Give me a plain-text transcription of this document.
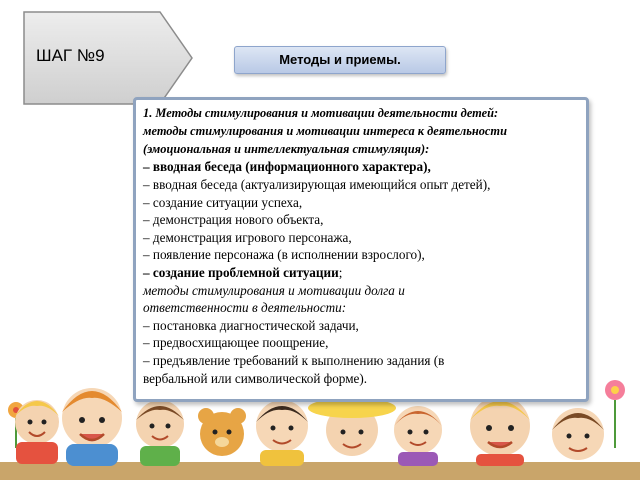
ШАГ №9	Методы и приемы.
1. Методы стимулирования и мотивации деятельности детей:
методы стимулирования и мотивации интереса к деятельности
(эмоциональная и интеллектуальная стимуляция):
– вводная беседа (информационного характера),
– вводная беседа (актуализирующая имеющийся опыт детей),
– создание ситуации успеха,
– демонстрация нового объекта,
– демонстрация игрового персонажа,
– появление персонажа (в исполнении взрослого),
– создание проблемной ситуации;
методы стимулирования и мотивации долга и
ответственности в деятельности:
– постановка диагностической задачи,
– предвосхищающее поощрение,
– предъявление требований к выполнению задания (в
вербальной или символической форме).
